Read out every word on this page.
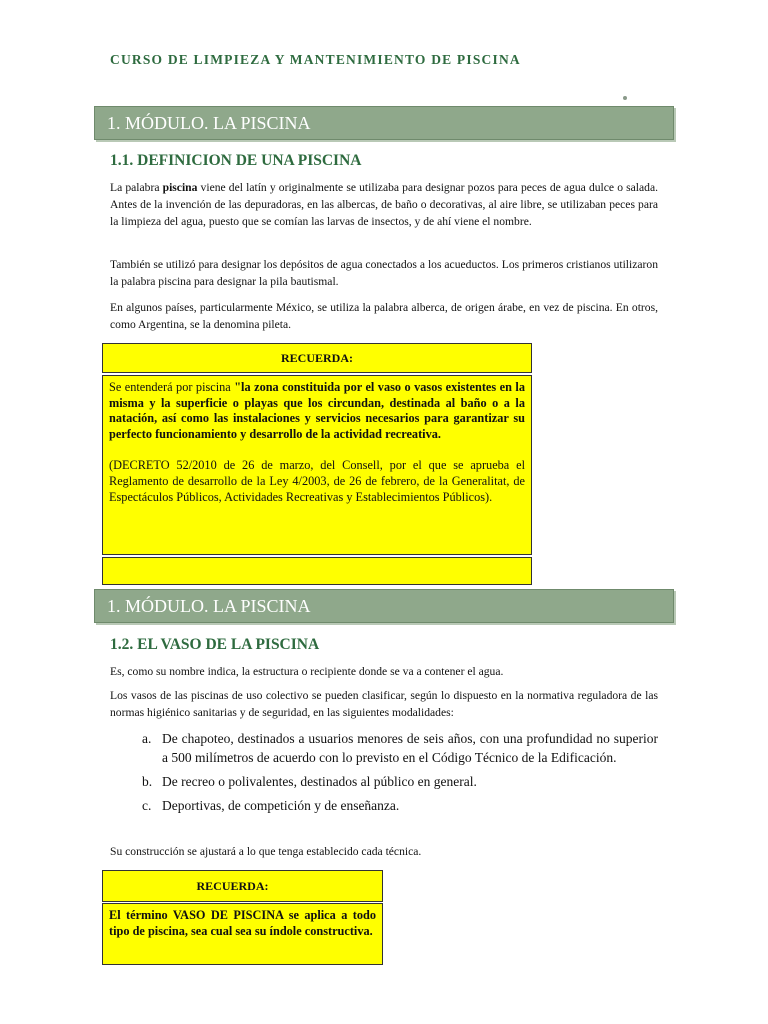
CURSO DE LIMPIEZA Y MANTENIMIENTO DE PISCINA
1. MÓDULO. LA PISCINA
1.1. DEFINICION DE UNA PISCINA

La palabra piscina viene del latín y originalmente se utilizaba para designar pozos para peces de agua dulce o salada. Antes de la invención de las depuradoras, en las albercas, de baño o decorativas, al aire libre, se utilizaban peces para la limpieza del agua, puesto que se comían las larvas de insectos, y de ahí viene el nombre.

También se utilizó para designar los depósitos de agua conectados a los acueductos. Los primeros cristianos utilizaron la palabra piscina para designar la pila bautismal.

En algunos países, particularmente México, se utiliza la palabra alberca, de origen árabe, en vez de piscina. En otros, como Argentina, se la denomina pileta.

RECUERDA:

Se entenderá por piscina "la zona constituida por el vaso o vasos existentes en la misma y la superficie o playas que los circundan, destinada al baño o a la natación, así como las instalaciones y servicios necesarios para garantizar su perfecto funcionamiento y desarrollo de la actividad recreativa.

(DECRETO 52/2010 de 26 de marzo, del Consell, por el que se aprueba el Reglamento de desarrollo de la Ley 4/2003, de 26 de febrero, de la Generalitat, de Espectáculos Públicos, Actividades Recreativas y Establecimientos Públicos).

1. MÓDULO. LA PISCINA
1.2. EL VASO DE LA PISCINA

Es, como su nombre indica, la estructura o recipiente donde se va a contener el agua.

Los vasos de las piscinas de uso colectivo se pueden clasificar, según lo dispuesto en la normativa reguladora de las normas higiénico sanitarias y de seguridad, en las siguientes modalidades:

a. De chapoteo, destinados a usuarios menores de seis años, con una profundidad no superior a 500 milímetros de acuerdo con lo previsto en el Código Técnico de la Edificación.
b. De recreo o polivalentes, destinados al público en general.
c. Deportivas, de competición y de enseñanza.

Su construcción se ajustará a lo que tenga establecido cada técnica.

RECUERDA:

El término VASO DE PISCINA se aplica a todo tipo de piscina, sea cual sea su índole constructiva.
